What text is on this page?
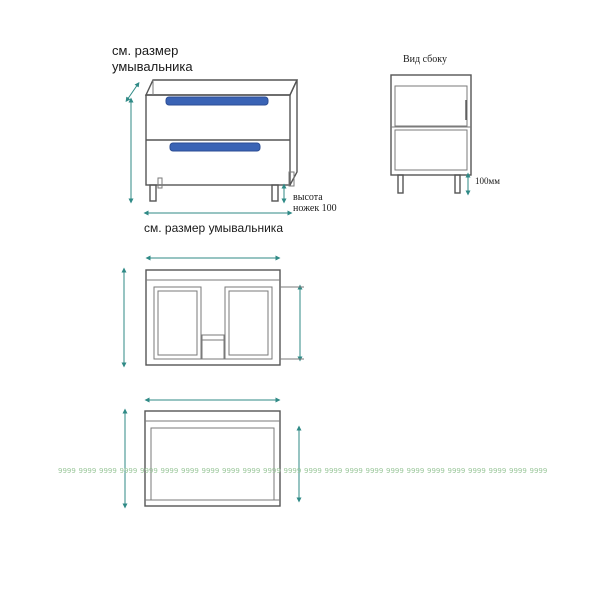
см. размер умывальника
см. размер умывальника
высота ножек 100
Вид сбоку
100мм
9999 9999 9999 9999 9999 9999 9999 9999 9999 9999 9999 9999 9999 9999 9999 9999 9999 9999 9999 9999 9999 9999 9999 9999
